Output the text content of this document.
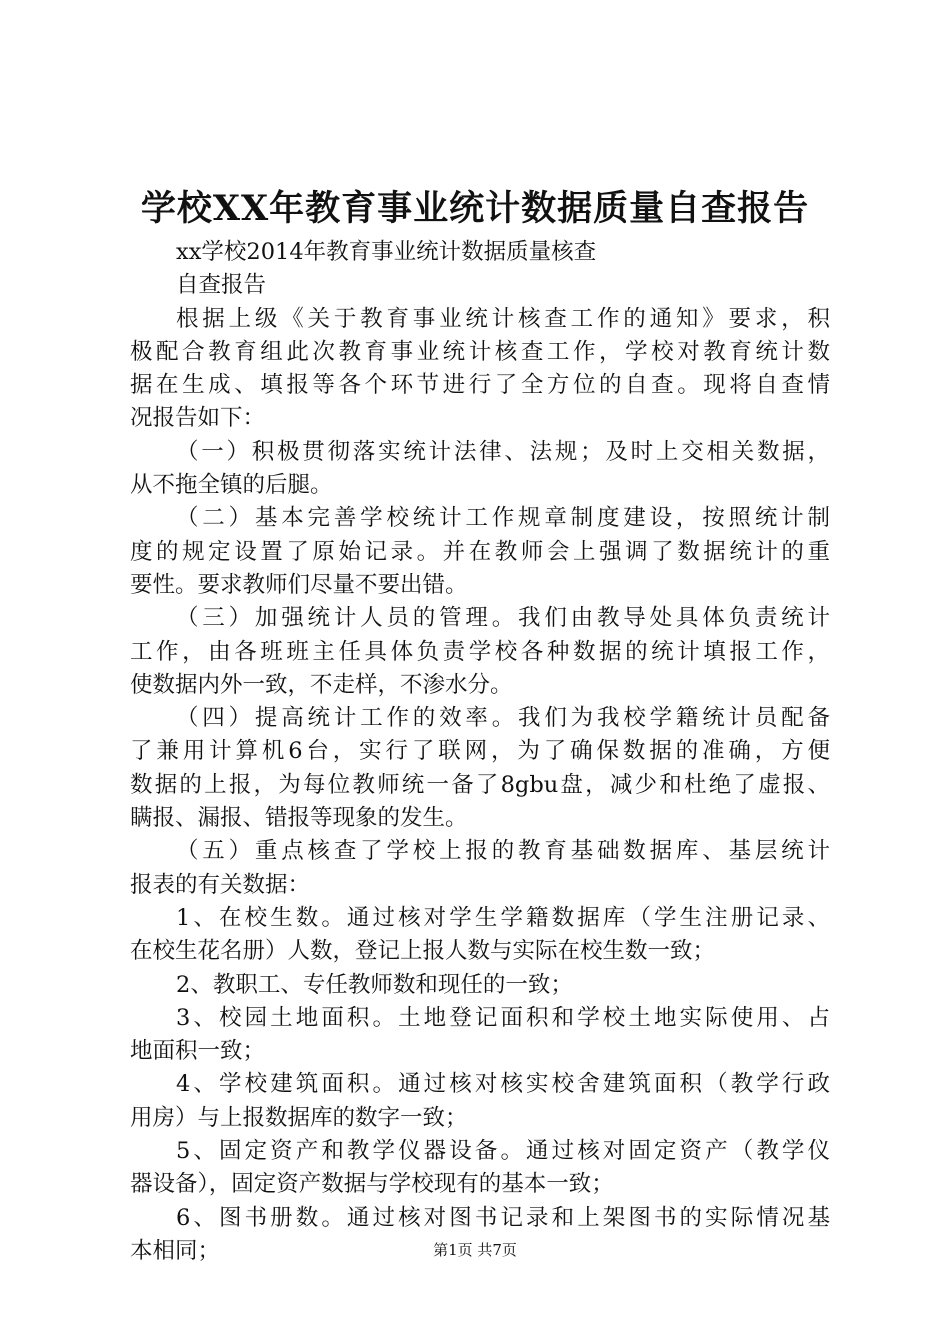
学校XX年教育事业统计数据质量自查报告
xx学校2014年教育事业统计数据质量核查
自查报告
根据上级《关于教育事业统计核查工作的通知》要求，积
极配合教育组此次教育事业统计核查工作，学校对教育统计数
据在生成、填报等各个环节进行了全方位的自查。现将自查情
况报告如下：
（一）积极贯彻落实统计法律、法规；及时上交相关数据，
从不拖全镇的后腿。
（二）基本完善学校统计工作规章制度建设，按照统计制
度的规定设置了原始记录。并在教师会上强调了数据统计的重
要性。要求教师们尽量不要出错。
（三）加强统计人员的管理。我们由教导处具体负责统计
工作，由各班班主任具体负责学校各种数据的统计填报工作，
使数据内外一致，不走样，不渗水分。
（四）提高统计工作的效率。我们为我校学籍统计员配备
了兼用计算机6台，实行了联网，为了确保数据的准确，方便
数据的上报，为每位教师统一备了8gbu盘，减少和杜绝了虚报、
瞒报、漏报、错报等现象的发生。
（五）重点核查了学校上报的教育基础数据库、基层统计
报表的有关数据：
1、在校生数。通过核对学生学籍数据库（学生注册记录、
在校生花名册）人数，登记上报人数与实际在校生数一致；
2、教职工、专任教师数和现任的一致；
3、校园土地面积。土地登记面积和学校土地实际使用、占
地面积一致；
4、学校建筑面积。通过核对核实校舍建筑面积（教学行政
用房）与上报数据库的数字一致；
5、固定资产和教学仪器设备。通过核对固定资产（教学仪
器设备），固定资产数据与学校现有的基本一致；
6、图书册数。通过核对图书记录和上架图书的实际情况基
本相同；	第1页 共7页
